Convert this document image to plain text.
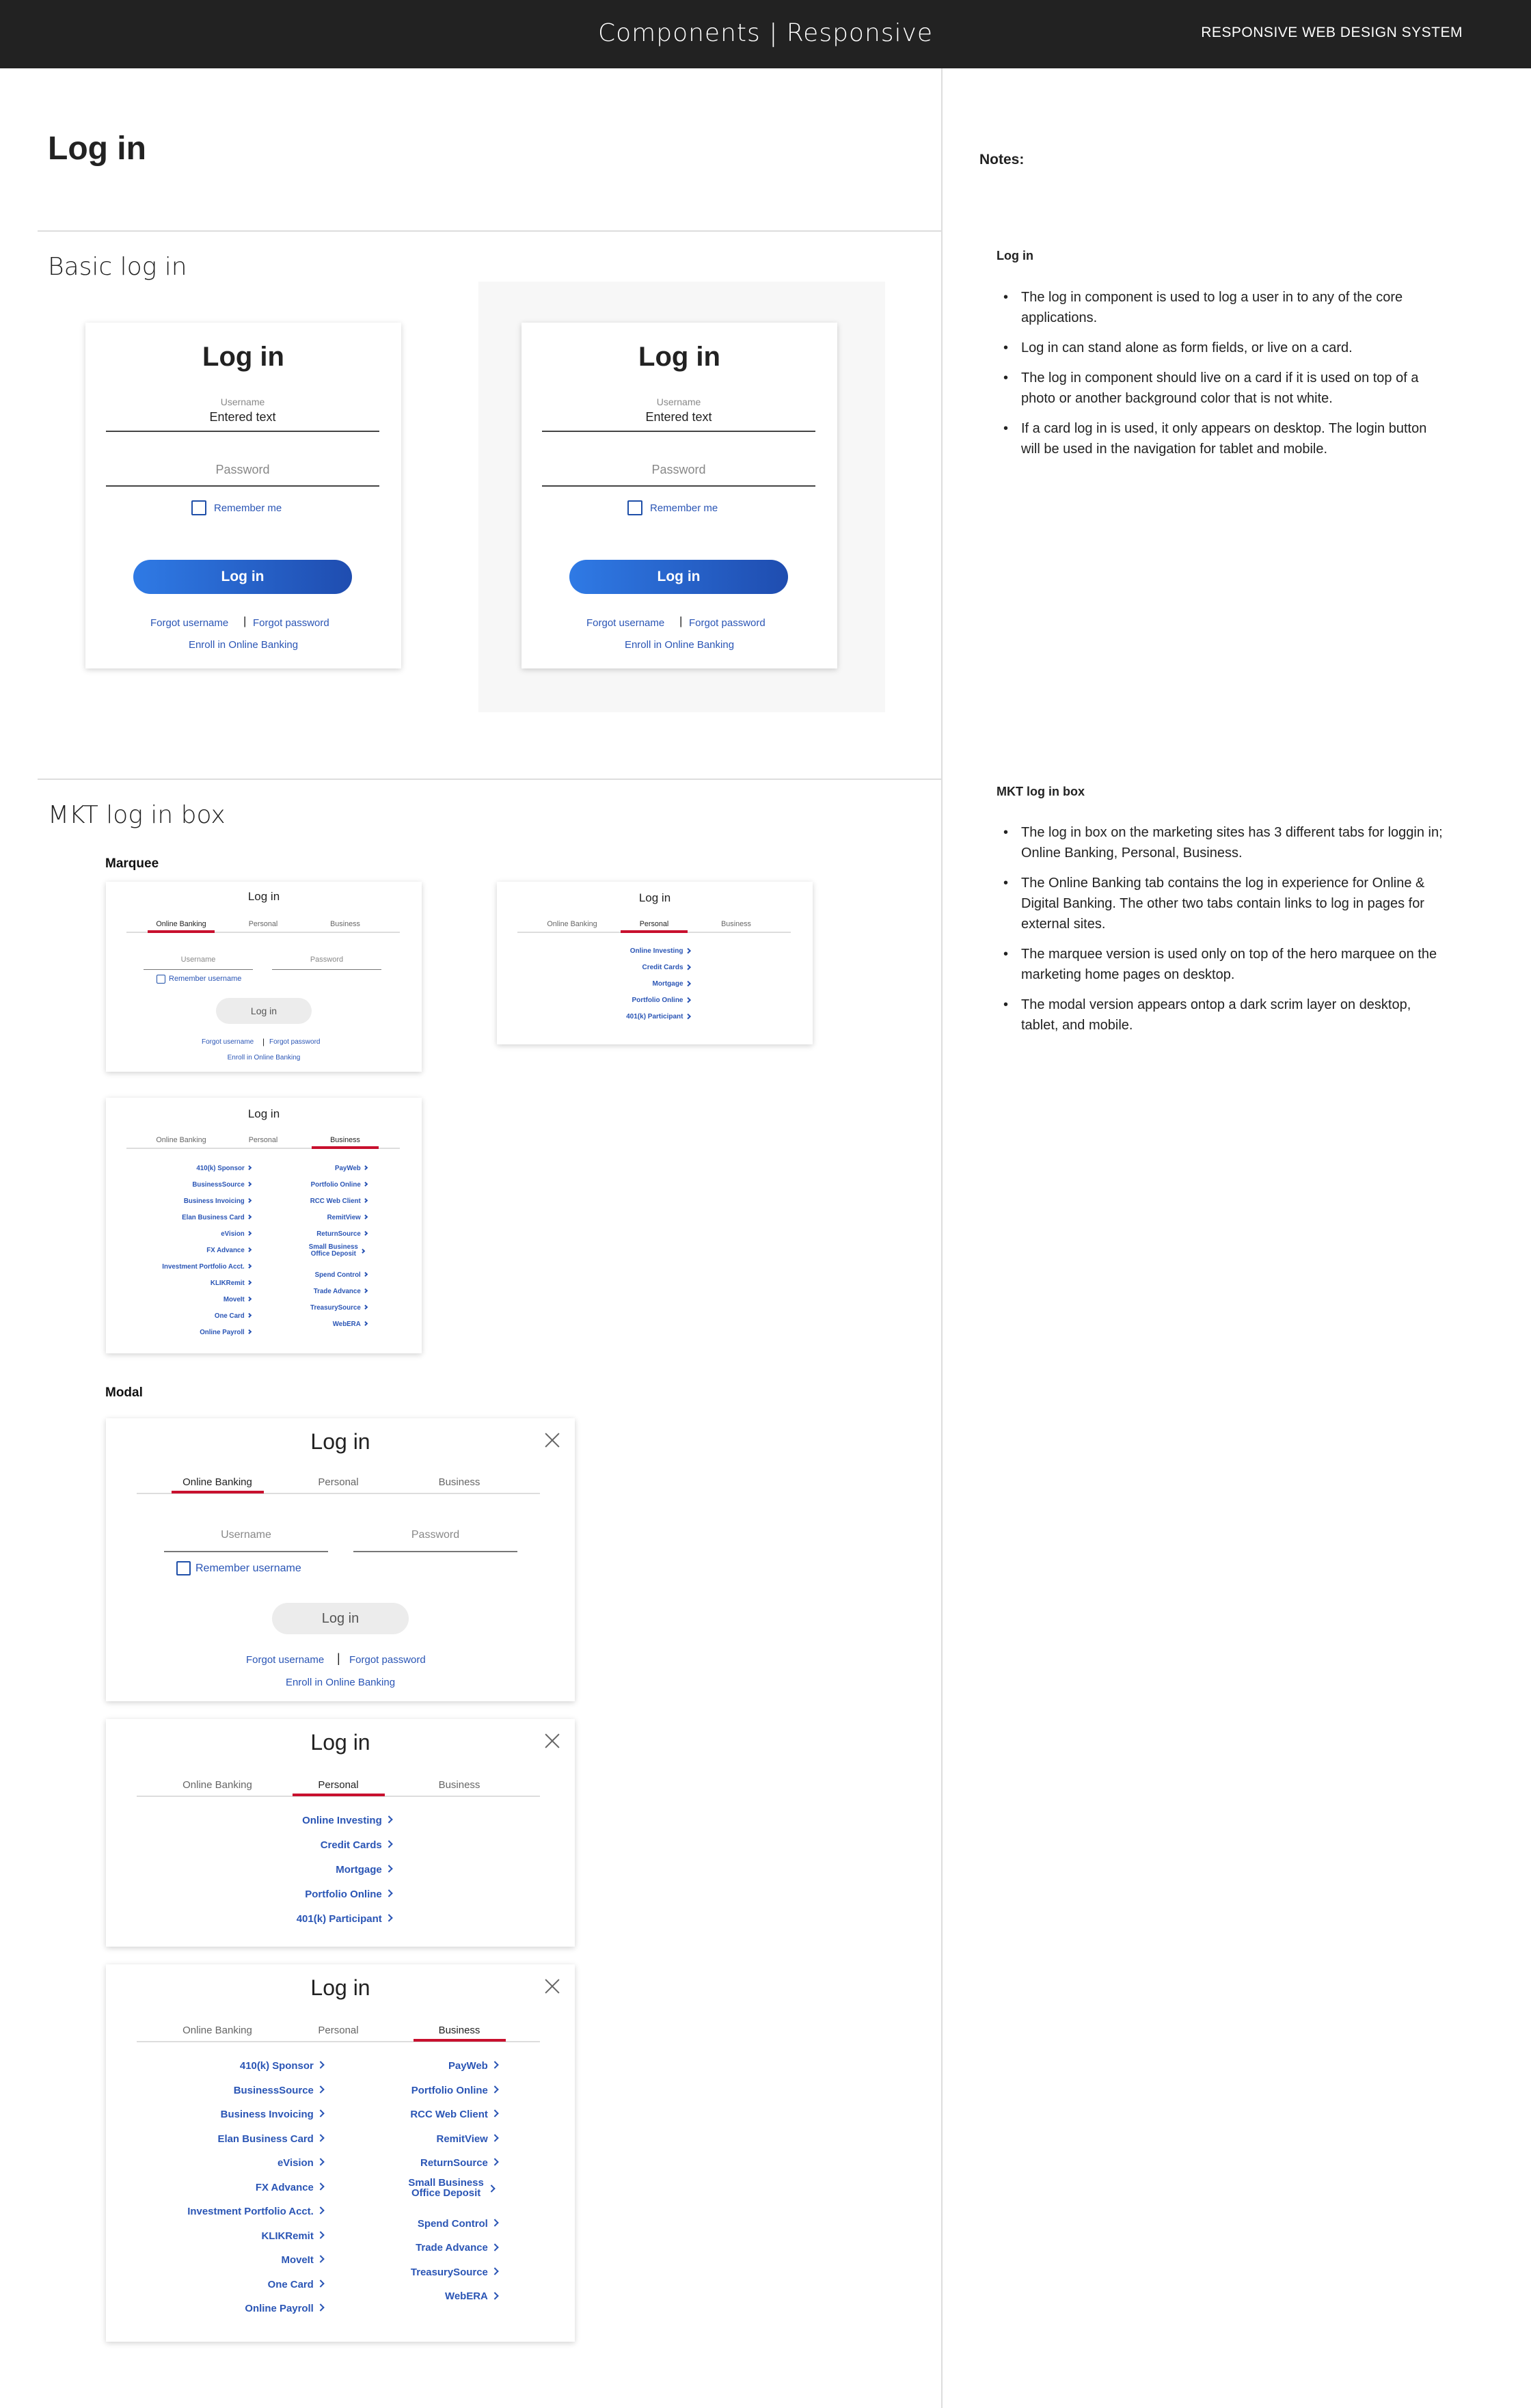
Components | Responsive	RESPONSIVE WEB DESIGN SYSTEM
Log in
Basic log in
Log in
Username
Entered text
Password
Remember me
Log in
Forgot username | Forgot password
Enroll in Online Banking
Log in
Username
Entered text
Password
Remember me
Log in
Forgot username | Forgot password
Enroll in Online Banking
MKT log in box
Marquee
Modal
Log in
Online Banking	Personal	Business
Username	Password
Remember username
Log in
Forgot username | Forgot password
Enroll in Online Banking
Log in
Online Banking	Personal	Business
Online Investing
Credit Cards
Mortgage
Portfolio Online
401(k) Participant
Log in
Online Banking	Personal	Business
410(k) Sponsor
BusinessSource
Business Invoicing
Elan Business Card
eVision
FX Advance
Investment Portfolio Acct.
KLIKRemit
MoveIt
One Card
Online Payroll
PayWeb
Portfolio Online
RCC Web Client
RemitView
ReturnSource
Small Business Office Deposit
Spend Control
Trade Advance
TreasurySource
WebERA
Log in
Online Banking	Personal	Business
Username	Password
Remember username
Log in
Forgot username | Forgot password
Enroll in Online Banking
Log in
Online Banking	Personal	Business
Online Investing
Credit Cards
Mortgage
Portfolio Online
401(k) Participant
Log in
Online Banking	Personal	Business
410(k) Sponsor
BusinessSource
Business Invoicing
Elan Business Card
eVision
FX Advance
Investment Portfolio Acct.
KLIKRemit
MoveIt
One Card
Online Payroll
PayWeb
Portfolio Online
RCC Web Client
RemitView
ReturnSource
Small Business Office Deposit
Spend Control
Trade Advance
TreasurySource
WebERA
Notes:
Log in
• The log in component is used to log a user in to any of the core applications.
• Log in can stand alone as form fields, or live on a card.
• The log in component should live on a card if it is used on top of a photo or another background color that is not white.
• If a card log in is used, it only appears on desktop. The login button will be used in the navigation for tablet and mobile.
MKT log in box
• The log in box on the marketing sites has 3 different tabs for loggin in; Online Banking, Personal, Business.
• The Online Banking tab contains the log in experience for Online & Digital Banking. The other two tabs contain links to log in pages for external sites.
• The marquee version is used only on top of the hero marquee on the marketing home pages on desktop.
• The modal version appears ontop a dark scrim layer on desktop, tablet, and mobile.
